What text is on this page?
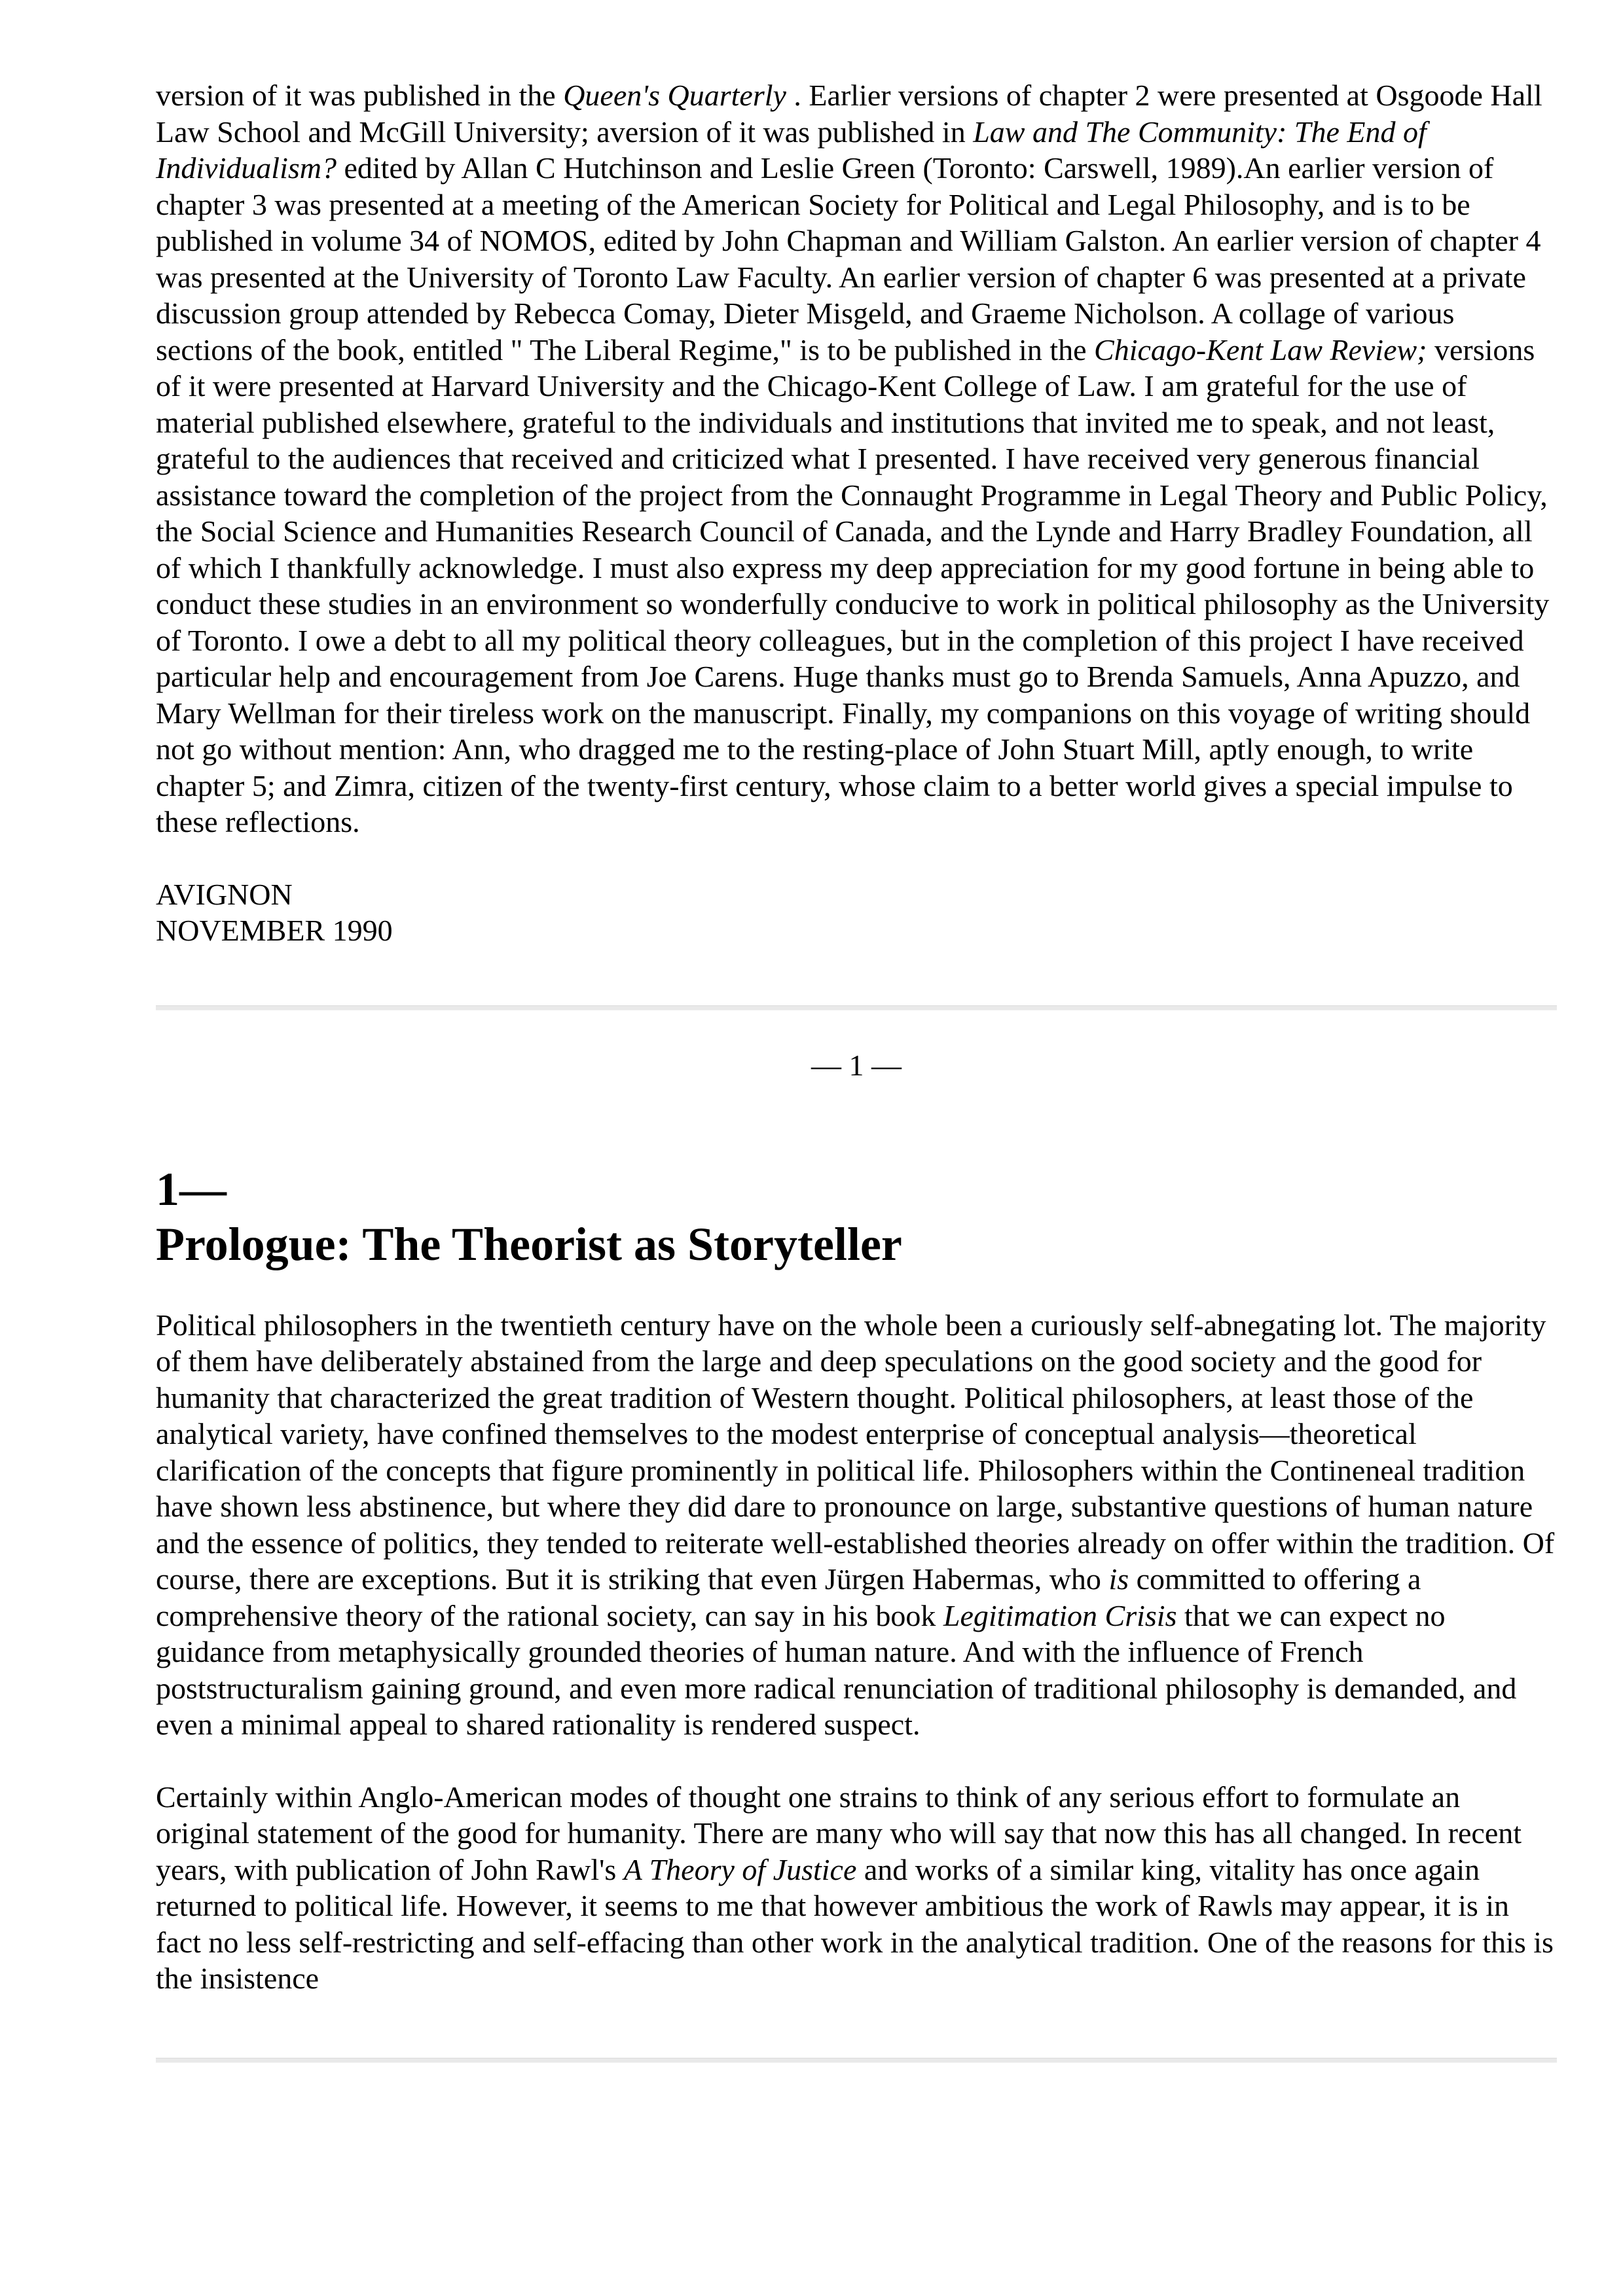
version of it was published in the Queen's Quarterly . Earlier versions of chapter 2 were presented at Osgoode Hall Law School and McGill University; aversion of it was published in Law and The Community: The End of Individualism? edited by Allan C Hutchinson and Leslie Green (Toronto: Carswell, 1989).An earlier version of chapter 3 was presented at a meeting of the American Society for Political and Legal Philosophy, and is to be published in volume 34 of NOMOS, edited by John Chapman and William Galston. An earlier version of chapter 4 was presented at the University of Toronto Law Faculty. An earlier version of chapter 6 was presented at a private discussion group attended by Rebecca Comay, Dieter Misgeld, and Graeme Nicholson. A collage of various sections of the book, entitled " The Liberal Regime," is to be published in the Chicago-Kent Law Review; versions of it were presented at Harvard University and the Chicago-Kent College of Law. I am grateful for the use of material published elsewhere, grateful to the individuals and institutions that invited me to speak, and not least, grateful to the audiences that received and criticized what I presented. I have received very generous financial assistance toward the completion of the project from the Connaught Programme in Legal Theory and Public Policy, the Social Science and Humanities Research Council of Canada, and the Lynde and Harry Bradley Foundation, all of which I thankfully acknowledge. I must also express my deep appreciation for my good fortune in being able to conduct these studies in an environment so wonderfully conducive to work in political philosophy as the University of Toronto. I owe a debt to all my political theory colleagues, but in the completion of this project I have received particular help and encouragement from Joe Carens. Huge thanks must go to Brenda Samuels, Anna Apuzzo, and Mary Wellman for their tireless work on the manuscript. Finally, my companions on this voyage of writing should not go without mention: Ann, who dragged me to the resting-place of John Stuart Mill, aptly enough, to write chapter 5; and Zimra, citizen of the twenty-first century, whose claim to a better world gives a special impulse to these reflections.

AVIGNON
NOVEMBER 1990
— 1 —
1—
Prologue: The Theorist as Storyteller

Political philosophers in the twentieth century have on the whole been a curiously self-abnegating lot. The majority of them have deliberately abstained from the large and deep speculations on the good society and the good for humanity that characterized the great tradition of Western thought. Political philosophers, at least those of the analytical variety, have confined themselves to the modest enterprise of conceptual analysis—theoretical clarification of the concepts that figure prominently in political life. Philosophers within the Contineneal tradition have shown less abstinence, but where they did dare to pronounce on large, substantive questions of human nature and the essence of politics, they tended to reiterate well-established theories already on offer within the tradition. Of course, there are exceptions. But it is striking that even Jürgen Habermas, who is committed to offering a comprehensive theory of the rational society, can say in his book Legitimation Crisis that we can expect no guidance from metaphysically grounded theories of human nature. And with the influence of French poststructuralism gaining ground, and even more radical renunciation of traditional philosophy is demanded, and even a minimal appeal to shared rationality is rendered suspect.

Certainly within Anglo-American modes of thought one strains to think of any serious effort to formulate an original statement of the good for humanity. There are many who will say that now this has all changed. In recent years, with publication of John Rawl's A Theory of Justice and works of a similar king, vitality has once again returned to political life. However, it seems to me that however ambitious the work of Rawls may appear, it is in fact no less self-restricting and self-effacing than other work in the analytical tradition. One of the reasons for this is the insistence
